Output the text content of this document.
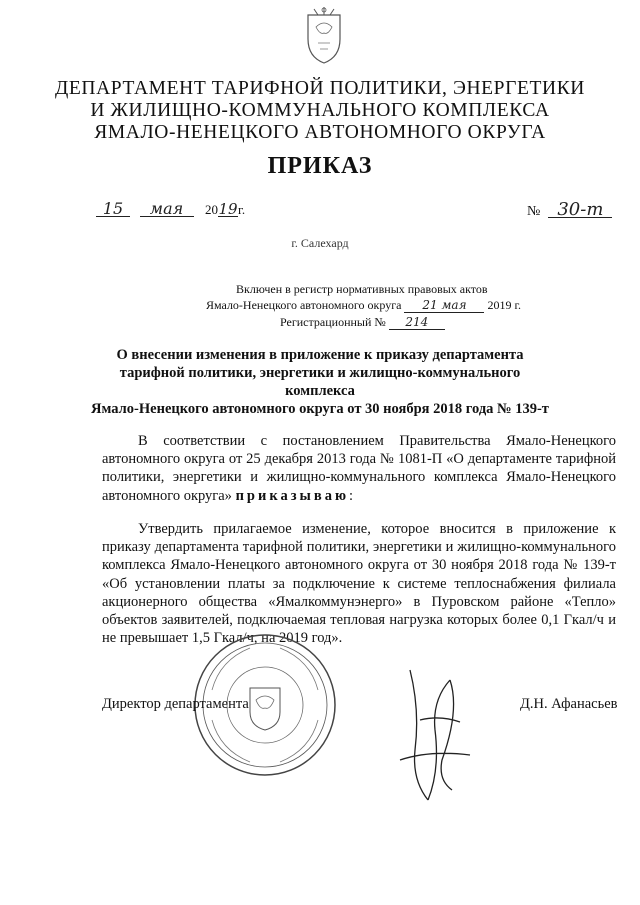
ДЕПАРТАМЕНТ ТАРИФНОЙ ПОЛИТИКИ, ЭНЕРГЕТИКИ
И ЖИЛИЩНО-КОММУНАЛЬНОГО КОМПЛЕКСА
ЯМАЛО-НЕНЕЦКОГО АВТОНОМНОГО ОКРУГА
ПРИКАЗ
15 мая 2019г.	№ 30-т
г. Салехард
Включен в регистр нормативных правовых актов
Ямало-Ненецкого автономного округа 21 мая 2019 г.
Регистрационный № 214
О внесении изменения в приложение к приказу департамента
тарифной политики, энергетики и жилищно-коммунального комплекса
Ямало-Ненецкого автономного округа от 30 ноября 2018 года № 139-т
В соответствии с постановлением Правительства Ямало-Ненецкого автономного округа от 25 декабря 2013 года № 1081-П «О департаменте тарифной политики, энергетики и жилищно-коммунального комплекса Ямало-Ненецкого автономного округа» приказываю:
Утвердить прилагаемое изменение, которое вносится в приложение к приказу департамента тарифной политики, энергетики и жилищно-коммунального комплекса Ямало-Ненецкого автономного округа от 30 ноября 2018 года № 139-т «Об установлении платы за подключение к системе теплоснабжения филиала акционерного общества «Ямалкоммунэнерго» в Пуровском районе «Тепло» объектов заявителей, подключаемая тепловая нагрузка которых более 0,1 Гкал/ч и не превышает 1,5 Гкал/ч, на 2019 год».
Директор департамента	Д.Н. Афанасьев
